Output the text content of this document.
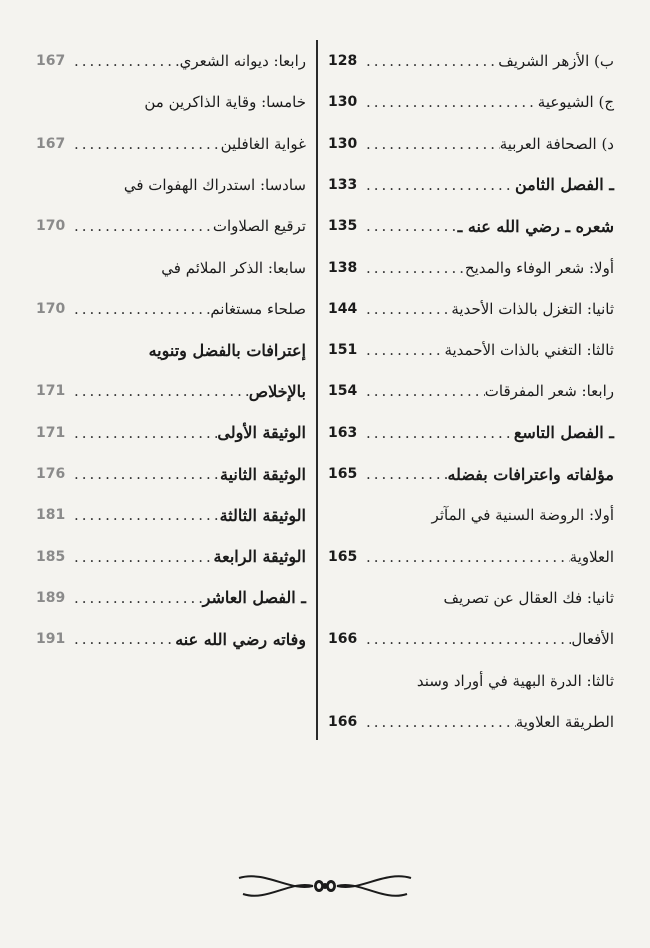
ب) الأزهر الشريف
.....
128
ج) الشيوعية
.....
130
د) الصحافة العربية
.....
130
ـ الفصل الثامن
.....
133
شعره ـ رضي الله عنه ـ
.....
135
أولا: شعر الوفاء والمديح
.....
138
ثانيا: التغزل بالذات الأحدية
.....
144
ثالثا: التغني بالذات الأحمدية
.....
151
رابعا: شعر المفرقات
.....
154
ـ الفصل التاسع
.....
163
مؤلفاته واعترافات بفضله
.....
165
أولا: الروضة السنية في المآثر
العلاوية
.....
165
ثانيا: فك العقال عن تصريف
الأفعال
.....
166
ثالثا: الدرة البهية في أوراد وسند
الطريقة العلاوية
.....
166
رابعا: ديوانه الشعري
.....
167
خامسا: وقاية الذاكرين من
غواية الغافلين
.....
167
سادسا: استدراك الهفوات في
ترقيع الصلاوات
.....
170
سابعا: الذكر الملائم في
صلحاء مستغانم
.....
170
إعترافات بالفضل وتنويه
بالإخلاص
.....
171
الوثيقة الأولى
.....
171
الوثيقة الثانية
.....
176
الوثيقة الثالثة
.....
181
الوثيقة الرابعة
.....
185
ـ الفصل العاشر
.....
189
وفاته رضي الله عنه
.....
191
